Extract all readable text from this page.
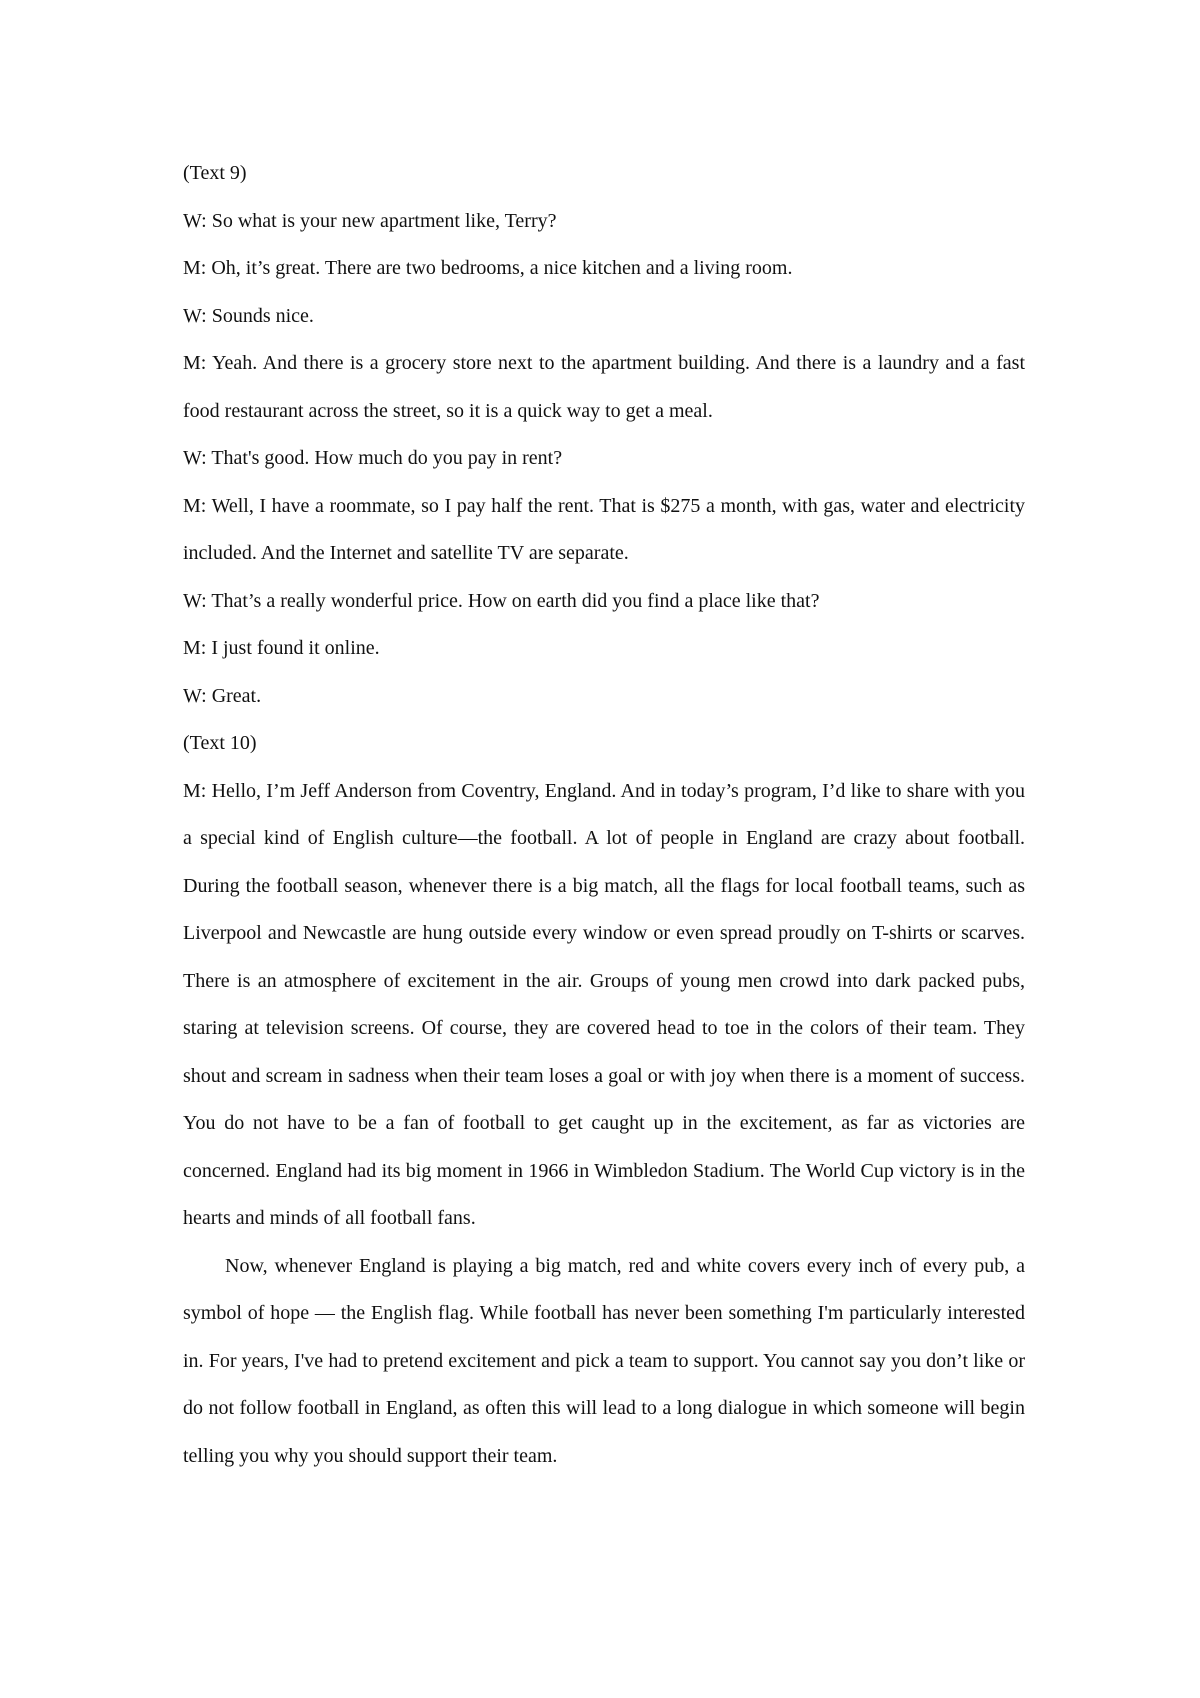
(Text 9)

W: So what is your new apartment like, Terry?

M: Oh, it’s great. There are two bedrooms, a nice kitchen and a living room.

W: Sounds nice.

M: Yeah. And there is a grocery store next to the apartment building. And there is a laundry and a fast food restaurant across the street, so it is a quick way to get a meal.

W: That's good. How much do you pay in rent?

M: Well, I have a roommate, so I pay half the rent. That is $275 a month, with gas, water and electricity included. And the Internet and satellite TV are separate.

W: That’s a really wonderful price. How on earth did you find a place like that?

M: I just found it online.

W: Great.

(Text 10)

M: Hello, I’m Jeff Anderson from Coventry, England. And in today’s program, I’d like to share with you a special kind of English culture—the football. A lot of people in England are crazy about football. During the football season, whenever there is a big match, all the flags for local football teams, such as Liverpool and Newcastle are hung outside every window or even spread proudly on T-shirts or scarves. There is an atmosphere of excitement in the air. Groups of young men crowd into dark packed pubs, staring at television screens. Of course, they are covered head to toe in the colors of their team. They shout and scream in sadness when their team loses a goal or with joy when there is a moment of success. You do not have to be a fan of football to get caught up in the excitement, as far as victories are concerned. England had its big moment in 1966 in Wimbledon Stadium. The World Cup victory is in the hearts and minds of all football fans.

Now, whenever England is playing a big match, red and white covers every inch of every pub, a symbol of hope — the English flag. While football has never been something I'm particularly interested in. For years, I've had to pretend excitement and pick a team to support. You cannot say you don’t like or do not follow football in England, as often this will lead to a long dialogue in which someone will begin telling you why you should support their team.
